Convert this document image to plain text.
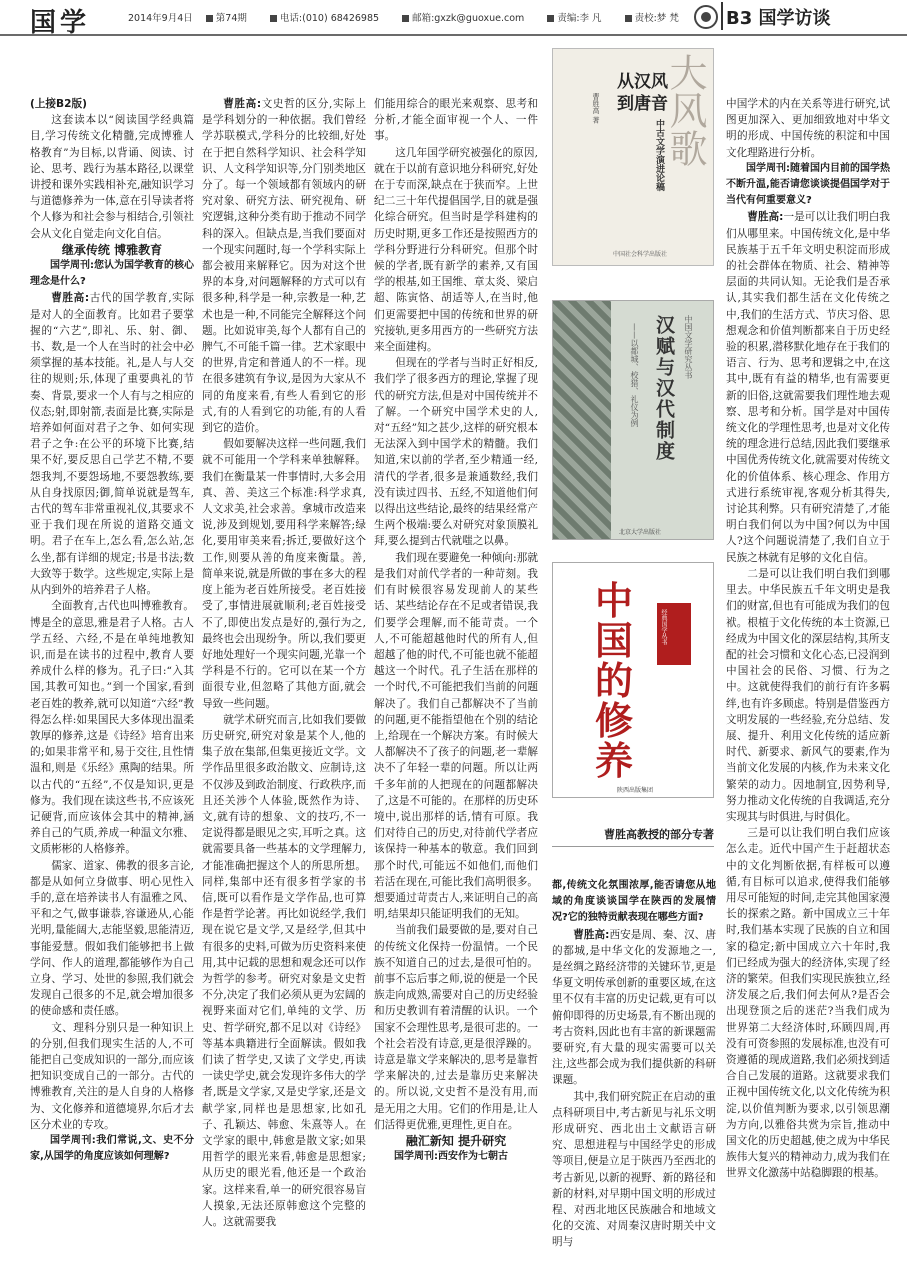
国学	2014年9月4日 第74期	电话:(010) 68426985	邮箱:gxzk@guoxue.com	责编:李 凡	责校:梦 梵	B3 国学访谈

(上接B2版)

这套读本以“阅读国学经典篇目,学习传统文化精髓,完成博雅人格教育”为目标,以背诵、阅读、讨论、思考、践行为基本路径,以课堂讲授和课外实践相补充,融知识学习与道德修养为一体,意在引导读者将个人修为和社会参与相结合,引领社会从文化自觉走向文化自信。

继承传统 博雅教育

国学周刊:您认为国学教育的核心理念是什么?

曹胜高:古代的国学教育,实际是对人的全面教育。比如君子要掌握的“六艺”,即礼、乐、射、御、书、数,是一个人在当时的社会中必须掌握的基本技能。礼,是人与人交往的规则;乐,体现了重要典礼的节奏、背景,要求一个人有与之相应的仪态;射,即射箭,表面是比赛,实际是培养如何面对君子之争、如何实现君子之争:在公平的环境下比赛,结果不好,要反思自己学艺不精,不要怨我判,不要怨场地,不要怨教练,要从自身找原因;御,简单说就是驾车,古代的驾车非常重视礼仪,其要求不亚于我们现在所说的道路交通文明。君子在车上,怎么看,怎么站,怎么坐,都有详细的规定;书是书法;数大致等于数学。这些规定,实际上是从内到外的培养君子人格。

全面教育,古代也叫博雅教育。博是全的意思,雅是君子人格。古人学五经、六经,不是在单纯地教知识,而是在读书的过程中,教育人要养成什么样的修为。孔子曰:“入其国,其教可知也。”到一个国家,看到老百姓的教养,就可以知道“六经”教得怎么样:如果国民大多体现出温柔敦厚的修养,这是《诗经》培育出来的;如果非常平和,易于交往,且性情温和,则是《乐经》熏陶的结果。所以古代的“五经”,不仅是知识,更是修为。我们现在读这些书,不应该死记硬背,而应该体会其中的精神,涵养自己的气质,养成一种温文尔雅、文质彬彬的人格修养。

儒家、道家、佛教的很多言论,都是从如何立身做事、明心见性入手的,意在培养读书人有温雅之风、平和之气,做事谦恭,容谦逊从,心能光明,量能阔大,志能坚毅,思能清迈,事能爱慧。假如我们能够把书上做学问、作人的道理,都能够作为自己立身、学习、处世的参照,我们就会发现自己很多的不足,就会增加很多的使命感和责任感。

文、理科分别只是一种知识上的分别,但我们现实生活的人,不可能把自己变成知识的一部分,而应该把知识变成自己的一部分。古代的博雅教育,关注的是人自身的人格修为、文化修养和道德境界,尔后才去区分术业的专攻。

国学周刊:我们常说,文、史不分家,从国学的角度应该如何理解?

曹胜高:文史哲的区分,实际上是学科划分的一种依据。我们曾经学苏联模式,学科分的比较细,好处在于把自然科学知识、社会科学知识、人文科学知识等,分门别类地区分了。每一个领域都有领域内的研究对象、研究方法、研究视角、研究逻辑,这种分类有助于推动不同学科的深入。但缺点是,当我们要面对一个现实问题时,每一个学科实际上都会被用来解释它。因为对这个世界的本身,对问题解释的方式可以有很多种,科学是一种,宗教是一种,艺术也是一种,不同能完全解释这个问题。比如说审美,每个人都有自己的脾气,不可能千篇一律。艺术家眼中的世界,肯定和普通人的不一样。现在很多建筑有争议,是因为大家从不同的角度来看,有些人看到它的形式,有的人看到它的功能,有的人看到它的造价。

假如要解决这样一些问题,我们就不可能用一个学科来单独解释。我们在衡量某一件事情时,大多会用真、善、美这三个标准:科学求真,人文求美,社会求善。拿城市改造来说,涉及到规划,要用科学来解答;绿化,要用审美来看;拆迁,要做好这个工作,则要从善的角度来衡量。善,简单来说,就是所做的事在多大的程度上能为老百姓所接受。老百姓接受了,事情进展就顺利;老百姓接受不了,即使出发点是好的,强行为之,最终也会出现纷争。所以,我们要更好地处理好一个现实问题,光靠一个学科是不行的。它可以在某一个方面很专业,但忽略了其他方面,就会导致一些问题。

就学术研究而言,比如我们要做历史研究,研究对象是某个人,他的集子放在集部,但集更接近文学。文学作品里很多政治散文、应制诗,这不仅涉及到政治制度、行政秩序,而且还关涉个人体验,既然作为诗、文,就有诗的想象、文的技巧,不一定说得都是眼见之实,耳听之真。这就需要具备一些基本的文学理解力,才能准确把握这个人的所思所想。同样,集部中还有很多哲学家的书信,既可以看作是文学作品,也可算作是哲学论著。再比如说经学,我们现在说它是文学,又是经学,但其中有很多的史料,可做为历史资料来使用,其中记载的思想和观念还可以作为哲学的参考。研究对象是文史哲不分,决定了我们必须从更为宏阔的视野来面对它们,单纯的文学、历史、哲学研究,都不足以对《诗经》等基本典籍进行全面解读。假如我们读了哲学史,又读了文学史,再读一读史学史,就会发现许多伟大的学者,既是文学家,又是史学家,还是文献学家,同样也是思想家,比如孔子、孔颖达、韩愈、朱熹等人。在文学家的眼中,韩愈是散文家;如果用哲学的眼光来看,韩愈是思想家;从历史的眼光看,他还是一个政治家。这样来看,单一的研究很容易盲人摸象,无法还原韩愈这个完整的人。这就需要我

们能用综合的眼光来观察、思考和分析,才能全面审视一个人、一件事。

这几年国学研究被强化的原因,就在于以前有意识地分科研究,好处在于专而深,缺点在于狭而窄。上世纪二三十年代提倡国学,目的就是强化综合研究。但当时是学科建构的历史时期,更多工作还是按照西方的学科分野进行分科研究。但那个时候的学者,既有新学的素养,又有国学的根基,如王国维、章太炎、梁启超、陈寅恪、胡适等人,在当时,他们更需要把中国的传统和世界的研究接轨,更多用西方的一些研究方法来全面建构。

但现在的学者与当时正好相反,我们学了很多西方的理论,掌握了现代的研究方法,但是对中国传统并不了解。一个研究中国学术史的人,对“五经”知之甚少,这样的研究根本无法深入到中国学术的精髓。我们知道,宋以前的学者,至少精通一经,清代的学者,很多是兼通数经,我们没有读过四书、五经,不知道他们何以得出这些结论,最终的结果经常产生两个极端:要么对研究对象顶膜礼拜,要么提到古代就嗤之以鼻。

我们现在要避免一种倾向:那就是我们对前代学者的一种苛刻。我们有时候很容易发现前人的某些话、某些结论存在不足或者错误,我们要学会理解,而不能苛责。一个人,不可能超越他时代的所有人,但超越了他的时代,不可能也就不能超越这一个时代。孔子生活在那样的一个时代,不可能把我们当前的问题解决了。我们自己都解决不了当前的问题,更不能指望他在个别的结论上,给现在一个解决方案。有时候大人都解决不了孩子的问题,老一辈解决不了年轻一辈的问题。所以让两千多年前的人把现在的问题都解决了,这是不可能的。在那样的历史环境中,说出那样的话,情有可原。我们对待自己的历史,对待前代学者应该保持一种基本的敬意。我们回到那个时代,可能远不如他们,而他们若活在现在,可能比我们高明很多。想要通过苛责古人,来证明自己的高明,结果却只能证明我们的无知。

当前我们最要做的是,要对自己的传统文化保持一份温情。一个民族不知道自己的过去,是很可怕的。前事不忘后事之师,说的便是一个民族走向成熟,需要对自己的历史经验和历史教训有着清醒的认识。一个国家不会理性思考,是很可悲的。一个社会若没有诗意,更是很浮躁的。诗意是靠文学来解决的,思考是靠哲学来解决的,过去是靠历史来解决的。所以说,文史哲不是没有用,而是无用之大用。它们的作用是,让人们活得更优雅,更理性,更自在。

融汇新知 提升研究

国学周刊:西安作为七朝古

大风歌
从汉风到唐音
中古文学演进论稿
曹胜高 著
中国社会科学出版社
汉赋与汉代制度
——以都城、校猎、礼仪为例	中国文学研究丛书
北京大学出版社
中国的修养
经典国学丛书
陕西出版集团
曹胜高教授的部分专著

都,传统文化氛围浓厚,能否请您从地域的角度谈谈国学在陕西的发展情况?它的独特贡献表现在哪些方面?

曹胜高:西安是周、秦、汉、唐的都城,是中华文化的发源地之一,是丝绸之路经济带的关键环节,更是华夏文明传承创新的重要区域,在这里不仅有丰富的历史记载,更有可以俯仰即得的历史场景,有不断出现的考古资料,因此也有丰富的新课题需要研究,有大量的现实需要可以关注,这些都会成为我们提供新的科研课题。

其中,我们研究院正在启动的重点科研项目中,考古新见与礼乐文明形成研究、西北出土文献语言研究、思想进程与中国经学史的形成等项目,便是立足于陕西乃至西北的考古新见,以新的视野、新的路径和新的材料,对早期中国文明的形成过程、对西北地区民族融合和地域文化的交流、对周秦汉唐时期关中文明与

中国学术的内在关系等进行研究,试图更加深入、更加细致地对中华文明的形成、中国传统的积淀和中国文化理路进行分析。

国学周刊:随着国内目前的国学热不断升温,能否请您谈谈提倡国学对于当代有何重要意义?

曹胜高:一是可以让我们明白我们从哪里来。中国传统文化,是中华民族基于五千年文明史积淀而形成的社会群体在物质、社会、精神等层面的共同认知。无论我们是否承认,其实我们都生活在文化传统之中,我们的生活方式、节庆习俗、思想观念和价值判断都来自于历史经验的积累,潜移默化地存在于我们的语言、行为、思考和逻辑之中,在这其中,既有有益的精华,也有需要更新的旧俗,这就需要我们理性地去观察、思考和分析。国学是对中国传统文化的学理性思考,也是对文化传统的理念进行总结,因此我们要继承中国优秀传统文化,就需要对传统文化的价值体系、核心理念、作用方式进行系统审视,客观分析其得失,讨论其利弊。只有研究清楚了,才能明白我们何以为中国?何以为中国人?这个问题说清楚了,我们自立于民族之林就有足够的文化自信。

二是可以让我们明白我们到哪里去。中华民族五千年文明史是我们的财富,但也有可能成为我们的包袱。根植于文化传统的本土资源,已经成为中国文化的深层结构,其所支配的社会习惯和文化心态,已浸润到中国社会的民俗、习惯、行为之中。这就使得我们的前行有许多羁绊,也有许多顾虑。特别是借鉴西方文明发展的一些经验,充分总结、发展、提升、利用文化传统的适应新时代、新要求、新风气的要素,作为当前文化发展的内核,作为未来文化繁荣的动力。因地制宜,因势利导,努力推动文化传统的自我调适,充分实现其与时俱进,与时俱化。

三是可以让我们明白我们应该怎么走。近代中国产生于赶超状态中的文化判断依据,有样板可以遵循,有目标可以追求,使得我们能够用尽可能短的时间,走完其他国家漫长的探索之路。新中国成立三十年时,我们基本实现了民族的自立和国家的稳定;新中国成立六十年时,我们已经成为强大的经济体,实现了经济的繁荣。但我们实现民族独立,经济发展之后,我们何去何从?是否会出现登顶之后的迷茫?当我们成为世界第二大经济体时,环顾四周,再没有可资参照的发展标准,也没有可资遵循的现成道路,我们必须找到适合自己发展的道路。这就要求我们正视中国传统文化,以文化传统为积淀,以价值判断为要求,以引领思潮为方向,以雅俗共赏为宗旨,推动中国文化的历史超越,使之成为中华民族伟大复兴的精神动力,成为我们在世界文化激荡中站稳脚跟的根基。
